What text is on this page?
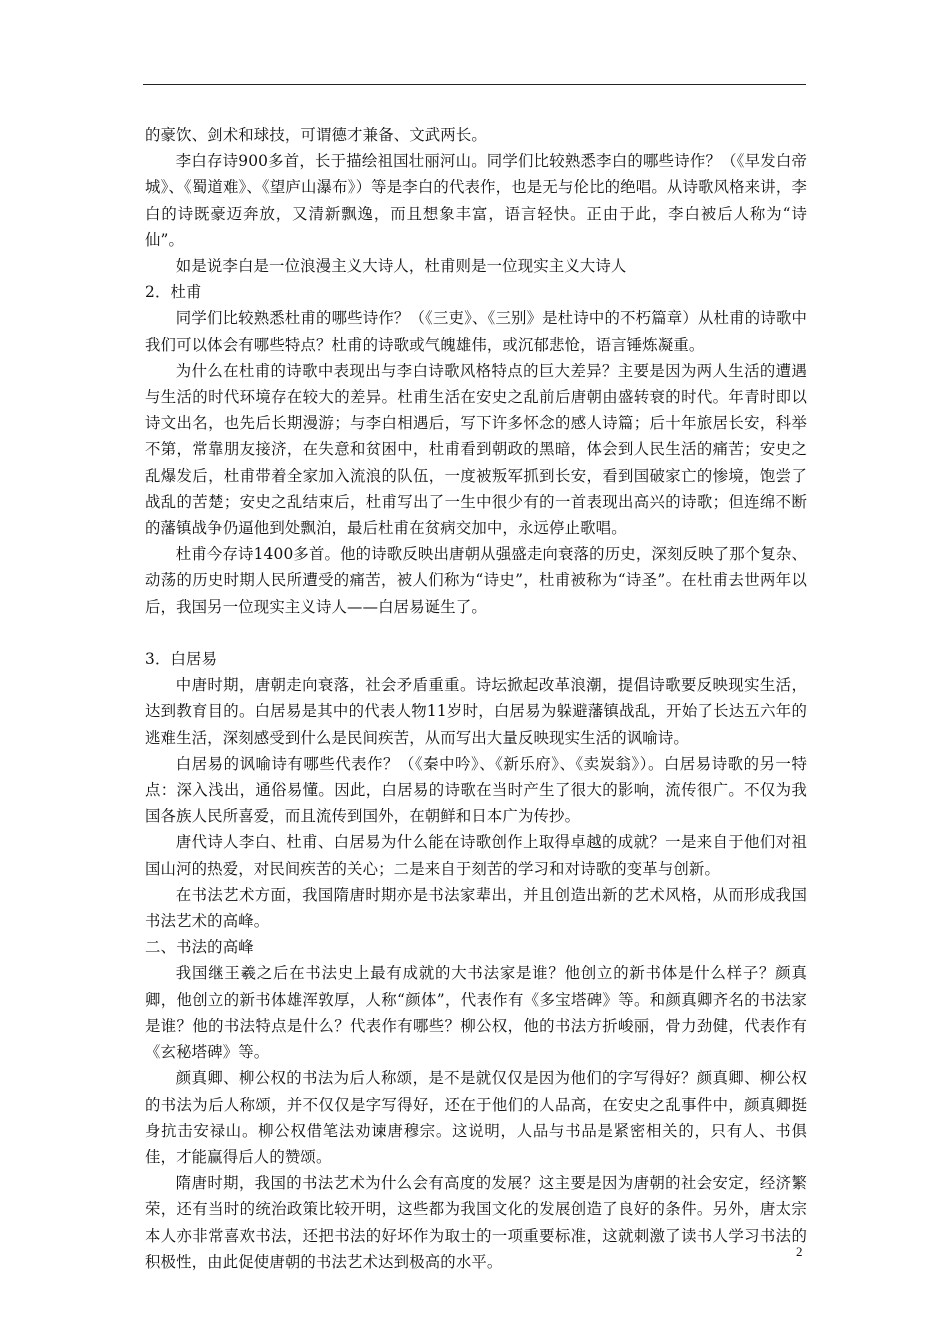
的豪饮、剑术和球技，可谓德才兼备、文武两长。

李白存诗900多首，长于描绘祖国壮丽河山。同学们比较熟悉李白的哪些诗作？（《早发白帝城》、《蜀道难》、《望庐山瀑布》）等是李白的代表作，也是无与伦比的绝唱。从诗歌风格来讲，李白的诗既豪迈奔放，又清新飘逸，而且想象丰富，语言轻快。正由于此，李白被后人称为“诗仙”。

如是说李白是一位浪漫主义大诗人，杜甫则是一位现实主义大诗人

2．杜甫

同学们比较熟悉杜甫的哪些诗作？（《三吏》、《三别》是杜诗中的不朽篇章）从杜甫的诗歌中我们可以体会有哪些特点？杜甫的诗歌或气魄雄伟，或沉郁悲怆，语言锤炼凝重。

为什么在杜甫的诗歌中表现出与李白诗歌风格特点的巨大差异？主要是因为两人生活的遭遇与生活的时代环境存在较大的差异。杜甫生活在安史之乱前后唐朝由盛转衰的时代。年青时即以诗文出名，也先后长期漫游；与李白相遇后，写下许多怀念的感人诗篇；后十年旅居长安，科举不第，常靠朋友接济，在失意和贫困中，杜甫看到朝政的黑暗，体会到人民生活的痛苦；安史之乱爆发后，杜甫带着全家加入流浪的队伍，一度被叛军抓到长安，看到国破家亡的惨境，饱尝了战乱的苦楚；安史之乱结束后，杜甫写出了一生中很少有的一首表现出高兴的诗歌；但连绵不断的藩镇战争仍逼他到处飘泊，最后杜甫在贫病交加中，永远停止歌唱。

杜甫今存诗1400多首。他的诗歌反映出唐朝从强盛走向衰落的历史，深刻反映了那个复杂、动荡的历史时期人民所遭受的痛苦，被人们称为“诗史”，杜甫被称为“诗圣”。在杜甫去世两年以后，我国另一位现实主义诗人——白居易诞生了。

3．白居易

中唐时期，唐朝走向衰落，社会矛盾重重。诗坛掀起改革浪潮，提倡诗歌要反映现实生活，达到教育目的。白居易是其中的代表人物11岁时，白居易为躲避藩镇战乱，开始了长达五六年的逃难生活，深刻感受到什么是民间疾苦，从而写出大量反映现实生活的讽喻诗。

白居易的讽喻诗有哪些代表作？（《秦中吟》、《新乐府》、《卖炭翁》）。白居易诗歌的另一特点：深入浅出，通俗易懂。因此，白居易的诗歌在当时产生了很大的影响，流传很广。不仅为我国各族人民所喜爱，而且流传到国外，在朝鲜和日本广为传抄。

唐代诗人李白、杜甫、白居易为什么能在诗歌创作上取得卓越的成就？一是来自于他们对祖国山河的热爱，对民间疾苦的关心；二是来自于刻苦的学习和对诗歌的变革与创新。

在书法艺术方面，我国隋唐时期亦是书法家辈出，并且创造出新的艺术风格，从而形成我国书法艺术的高峰。

二、书法的高峰

我国继王羲之后在书法史上最有成就的大书法家是谁？他创立的新书体是什么样子？颜真卿，他创立的新书体雄浑敦厚，人称“颜体”，代表作有《多宝塔碑》等。和颜真卿齐名的书法家是谁？他的书法特点是什么？代表作有哪些？柳公权，他的书法方折峻丽，骨力劲健，代表作有《玄秘塔碑》等。

颜真卿、柳公权的书法为后人称颂，是不是就仅仅是因为他们的字写得好？颜真卿、柳公权的书法为后人称颂，并不仅仅是字写得好，还在于他们的人品高，在安史之乱事件中，颜真卿挺身抗击安禄山。柳公权借笔法劝谏唐穆宗。这说明，人品与书品是紧密相关的，只有人、书俱佳，才能赢得后人的赞颂。

隋唐时期，我国的书法艺术为什么会有高度的发展？这主要是因为唐朝的社会安定，经济繁荣，还有当时的统治政策比较开明，这些都为我国文化的发展创造了良好的条件。另外，唐太宗本人亦非常喜欢书法，还把书法的好坏作为取士的一项重要标准，这就刺激了读书人学习书法的积极性，由此促使唐朝的书法艺术达到极高的水平。

2
